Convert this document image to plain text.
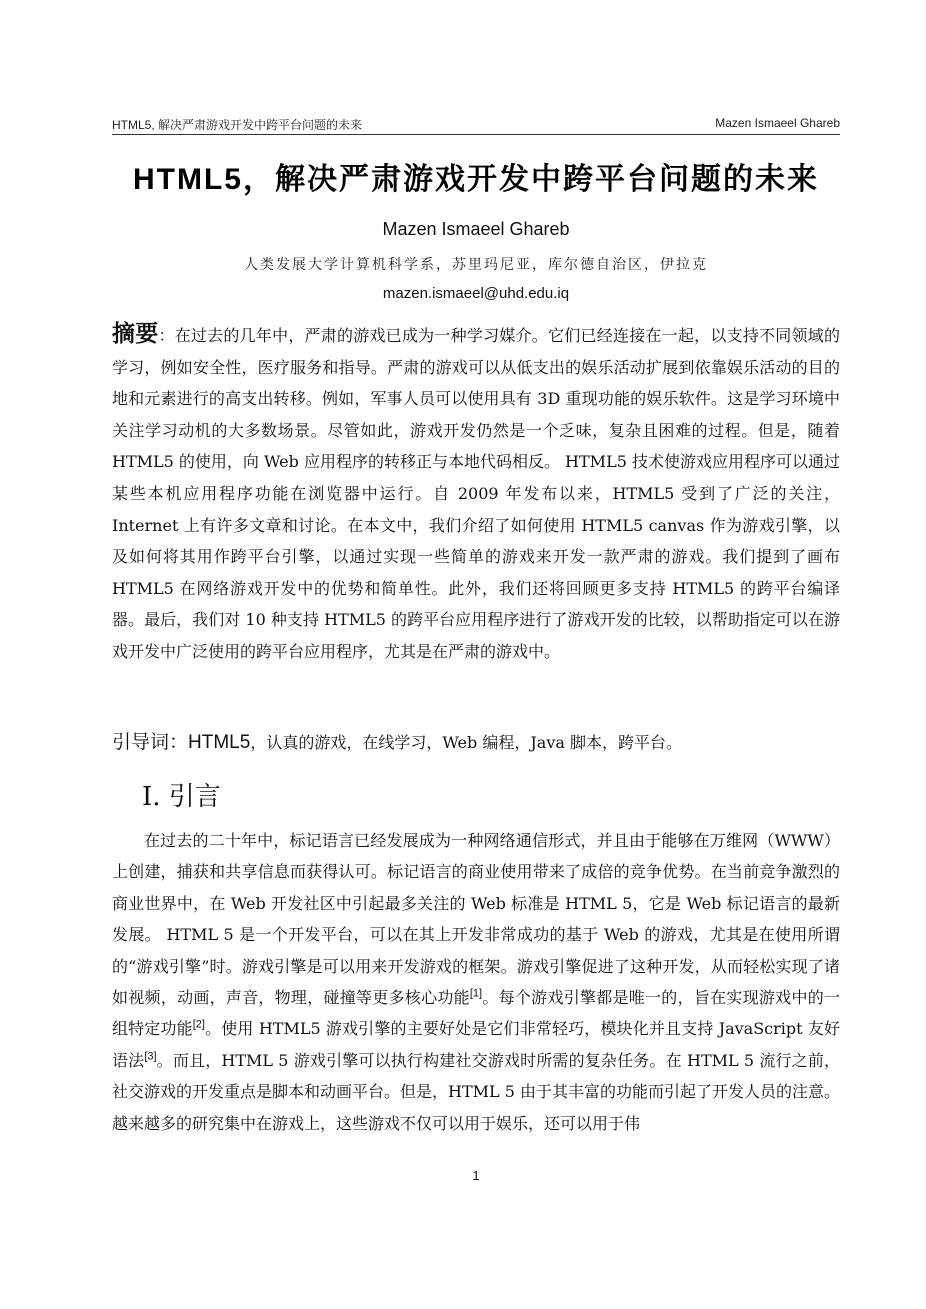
HTML5, 解决严肃游戏开发中跨平台问题的未来	Mazen Ismaeel Ghareb
HTML5，解决严肃游戏开发中跨平台问题的未来
Mazen Ismaeel Ghareb
人类发展大学计算机科学系，苏里玛尼亚，库尔德自治区，伊拉克
mazen.ismaeel@uhd.edu.iq
摘要：在过去的几年中，严肃的游戏已成为一种学习媒介。它们已经连接在一起，以支持不同领域的学习，例如安全性，医疗服务和指导。严肃的游戏可以从低支出的娱乐活动扩展到依靠娱乐活动的目的地和元素进行的高支出转移。例如，军事人员可以使用具有 3D 重现功能的娱乐软件。这是学习环境中关注学习动机的大多数场景。尽管如此，游戏开发仍然是一个乏味，复杂且困难的过程。但是，随着 HTML5 的使用，向 Web 应用程序的转移正与本地代码相反。 HTML5 技术使游戏应用程序可以通过某些本机应用程序功能在浏览器中运行。自 2009 年发布以来，HTML5 受到了广泛的关注，Internet 上有许多文章和讨论。在本文中，我们介绍了如何使用 HTML5 canvas 作为游戏引擎，以及如何将其用作跨平台引擎，以通过实现一些简单的游戏来开发一款严肃的游戏。我们提到了画布 HTML5 在网络游戏开发中的优势和简单性。此外，我们还将回顾更多支持 HTML5 的跨平台编译器。最后，我们对 10 种支持 HTML5 的跨平台应用程序进行了游戏开发的比较，以帮助指定可以在游戏开发中广泛使用的跨平台应用程序，尤其是在严肃的游戏中。
引导词：HTML5，认真的游戏，在线学习，Web 编程，Java 脚本，跨平台。
I. 引言

在过去的二十年中，标记语言已经发展成为一种网络通信形式，并且由于能够在万维网（WWW）上创建，捕获和共享信息而获得认可。标记语言的商业使用带来了成倍的竞争优势。在当前竞争激烈的商业世界中，在 Web 开发社区中引起最多关注的 Web 标准是 HTML 5，它是 Web 标记语言的最新发展。 HTML 5 是一个开发平台，可以在其上开发非常成功的基于 Web 的游戏，尤其是在使用所谓的“游戏引擎”时。游戏引擎是可以用来开发游戏的框架。游戏引擎促进了这种开发，从而轻松实现了诸如视频，动画，声音，物理，碰撞等更多核心功能[1]。每个游戏引擎都是唯一的，旨在实现游戏中的一组特定功能[2]。使用 HTML5 游戏引擎的主要好处是它们非常轻巧，模块化并且支持 JavaScript 友好语法[3]。而且，HTML 5 游戏引擎可以执行构建社交游戏时所需的复杂任务。在 HTML 5 流行之前，社交游戏的开发重点是脚本和动画平台。但是，HTML 5 由于其丰富的功能而引起了开发人员的注意。越来越多的研究集中在游戏上，这些游戏不仅可以用于娱乐，还可以用于伟

1
